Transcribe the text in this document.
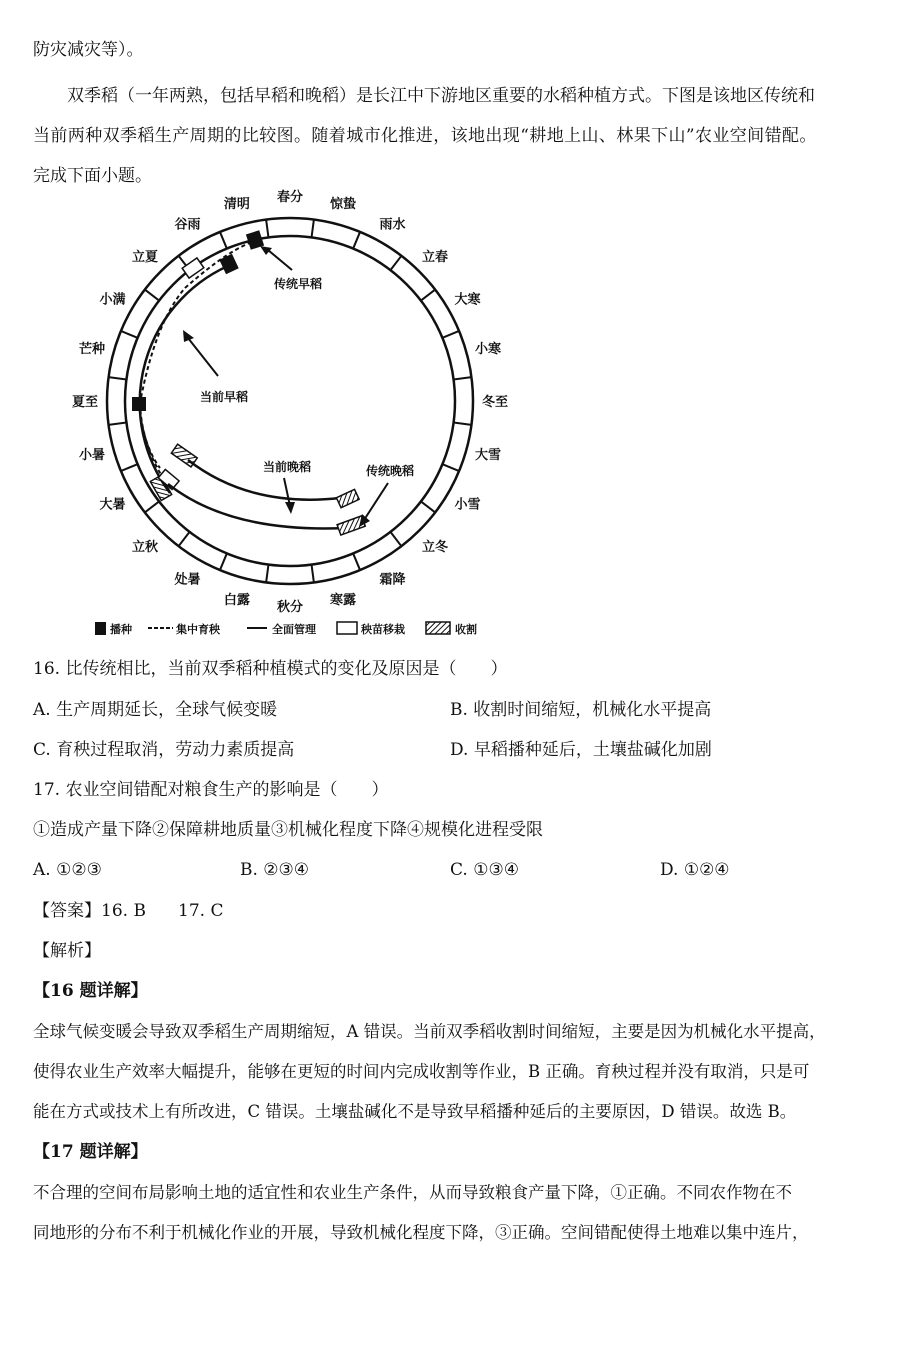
防灾减灾等）。
双季稻（一年两熟，包括早稻和晚稻）是长江中下游地区重要的水稻种植方式。下图是该地区传统和
当前两种双季稻生产周期的比较图。随着城市化推进，该地出现“耕地上山、林果下山”农业空间错配。
完成下面小题。
春分 惊蛰
雨水
立春
大寒
小寒
冬至
大雪
小雪
立冬
霜降
寒露
秋分
白露
处暑
立秋
大暑
小暑
夏至
芒种
小满
立夏
谷雨
清明
传统早稻
当前早稻
当前晚稻	传统晚稻
播种	集中育秧	全面管理	秧苗移栽	收割
16. 比传统相比，当前双季稻种植模式的变化及原因是（　　）
A. 生产周期延长，全球气候变暖	B. 收割时间缩短，机械化水平提高
C. 育秧过程取消，劳动力素质提高	D. 早稻播种延后，土壤盐碱化加剧
17. 农业空间错配对粮食生产的影响是（　　）
①造成产量下降②保障耕地质量③机械化程度下降④规模化进程受限
A. ①②③	B. ②③④	C. ①③④	D. ①②④
【答案】16. B 17. C
【解析】
【16 题详解】
全球气候变暖会导致双季稻生产周期缩短，A 错误。当前双季稻收割时间缩短，主要是因为机械化水平提高，
使得农业生产效率大幅提升，能够在更短的时间内完成收割等作业，B 正确。育秧过程并没有取消，只是可
能在方式或技术上有所改进，C 错误。土壤盐碱化不是导致早稻播种延后的主要原因，D 错误。故选 B。
【17 题详解】
不合理的空间布局影响土地的适宜性和农业生产条件，从而导致粮食产量下降，①正确。不同农作物在不
同地形的分布不利于机械化作业的开展，导致机械化程度下降，③正确。空间错配使得土地难以集中连片，
